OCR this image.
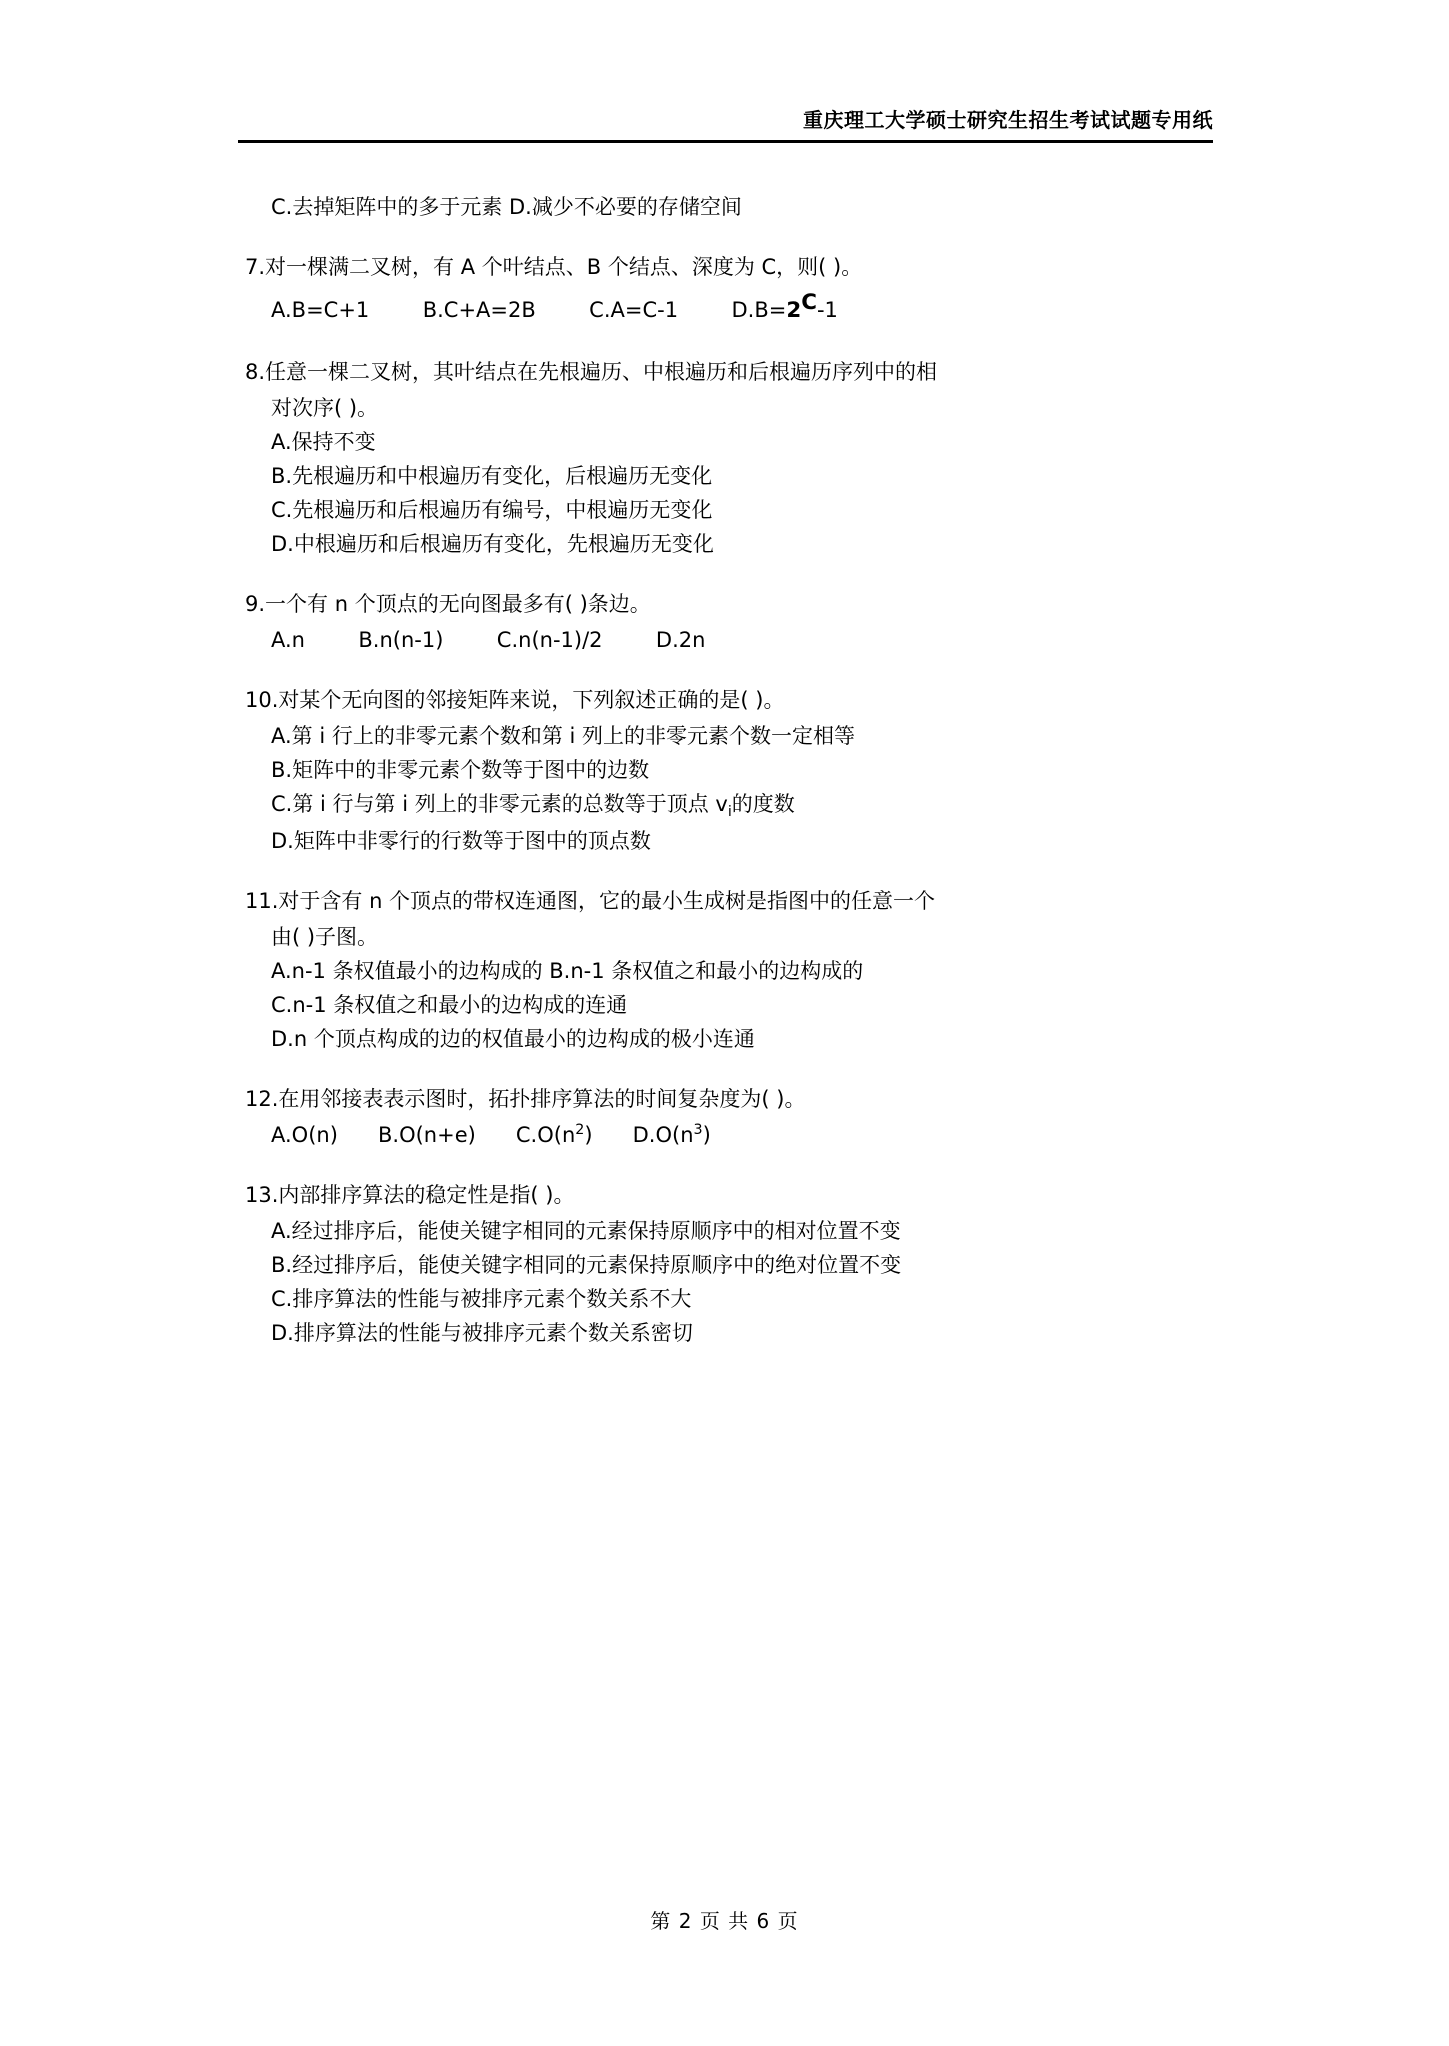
重庆理工大学硕士研究生招生考试试题专用纸
C.去掉矩阵中的多于元素 D.减少不必要的存储空间
7.对一棵满二叉树，有 A 个叶结点、B 个结点、深度为 C，则( )。
A.B=C+1        B.C+A=2B        C.A=C-1        $D.B=2^C-1$
8.任意一棵二叉树，其叶结点在先根遍历、中根遍历和后根遍历序列中的相
对次序( )。
A.保持不变
B.先根遍历和中根遍历有变化，后根遍历无变化
C.先根遍历和后根遍历有编号，中根遍历无变化
D.中根遍历和后根遍历有变化，先根遍历无变化
9.一个有 n 个顶点的无向图最多有( )条边。
A.n        B.n(n-1)        C.n(n-1)/2        D.2n
10.对某个无向图的邻接矩阵来说，下列叙述正确的是( )。
A.第 i 行上的非零元素个数和第 i 列上的非零元素个数一定相等
B.矩阵中的非零元素个数等于图中的边数
C.第 i 行与第 i 列上的非零元素的总数等于顶点 $v_i$的度数
D.矩阵中非零行的行数等于图中的顶点数
11.对于含有 n 个顶点的带权连通图，它的最小生成树是指图中的任意一个
由( )子图。
A.n-1 条权值最小的边构成的 B.n-1 条权值之和最小的边构成的
C.n-1 条权值之和最小的边构成的连通
D.n 个顶点构成的边的权值最小的边构成的极小连通
12.在用邻接表表示图时，拓扑排序算法的时间复杂度为( )。
A.O(n) B.O(n+e) $C.O(n^2)$ $D.O(n^3)$
13.内部排序算法的稳定性是指( )。
A.经过排序后，能使关键字相同的元素保持原顺序中的相对位置不变
B.经过排序后，能使关键字相同的元素保持原顺序中的绝对位置不变
C.排序算法的性能与被排序元素个数关系不大
D.排序算法的性能与被排序元素个数关系密切
第 2 页 共 6 页
